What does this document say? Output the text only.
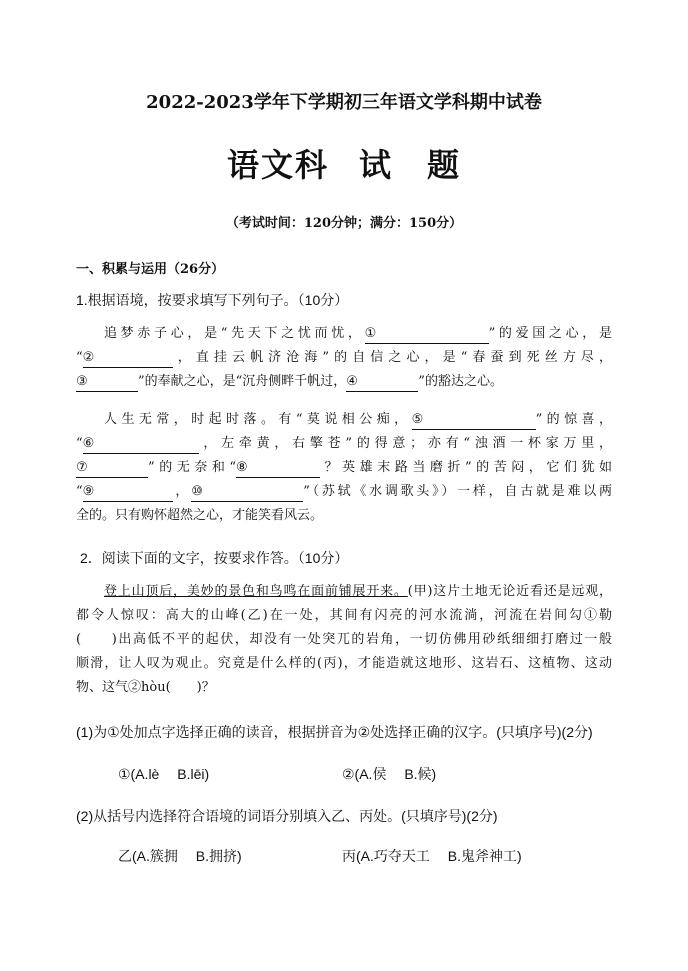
2022-2023学年下学期初三年语文学科期中试卷
语文科 试　题
（考试时间：120分钟；满分：150分）
一、积累与运用（26分）
1.根据语境，按要求填写下列句子。（10分）
追梦赤子心，是“先天下之忧而忧，①	”的爱国之心，是
“②	，直挂云帆济沧海”的自信之心，是“春蚕到死丝方尽，
③	”的奉献之心，是“沉舟侧畔千帆过，④	”的豁达之心。
人生无常，时起时落。有“莫说相公痴，⑤	”的惊喜，
“⑥	，左牵黄，右擎苍”的得意；亦有“浊酒一杯家万里，
⑦	”的无奈和“⑧	？英雄末路当磨折”的苦闷，它们犹如
“⑨	，⑩	”（苏轼《水调歌头》）一样，自古就是难以两
全的。只有购怀超然之心，才能笑看风云。
2．阅读下面的文字，按要求作答。（10分）
登上山顶后，美妙的景色和鸟鸣在面前铺展开来。(甲)这片土地无论近看还是远观，
都令人惊叹：高大的山峰(乙)在一处，其间有闪亮的河水流淌，河流在岩间勾①勒
(　　 )出高低不平的起伏，却没有一处突兀的岩角，一切仿佛用砂纸细细打磨过一般
顺滑，让人叹为观止。究竟是什么样的(丙)，才能造就这地形、这岩石、这植物、这动
物、这气②hòu(　　 )？
(1)为①处加点字选择正确的读音，根据拼音为②处选择正确的汉字。(只填序号)(2分)
①(A.lè　 B.lēi)	②(A.侯　 B.候)
(2)从括号内选择符合语境的词语分别填入乙、丙处。(只填序号)(2分)
乙(A.簇拥　 B.拥挤)	丙(A.巧夺天工　 B.鬼斧神工)
